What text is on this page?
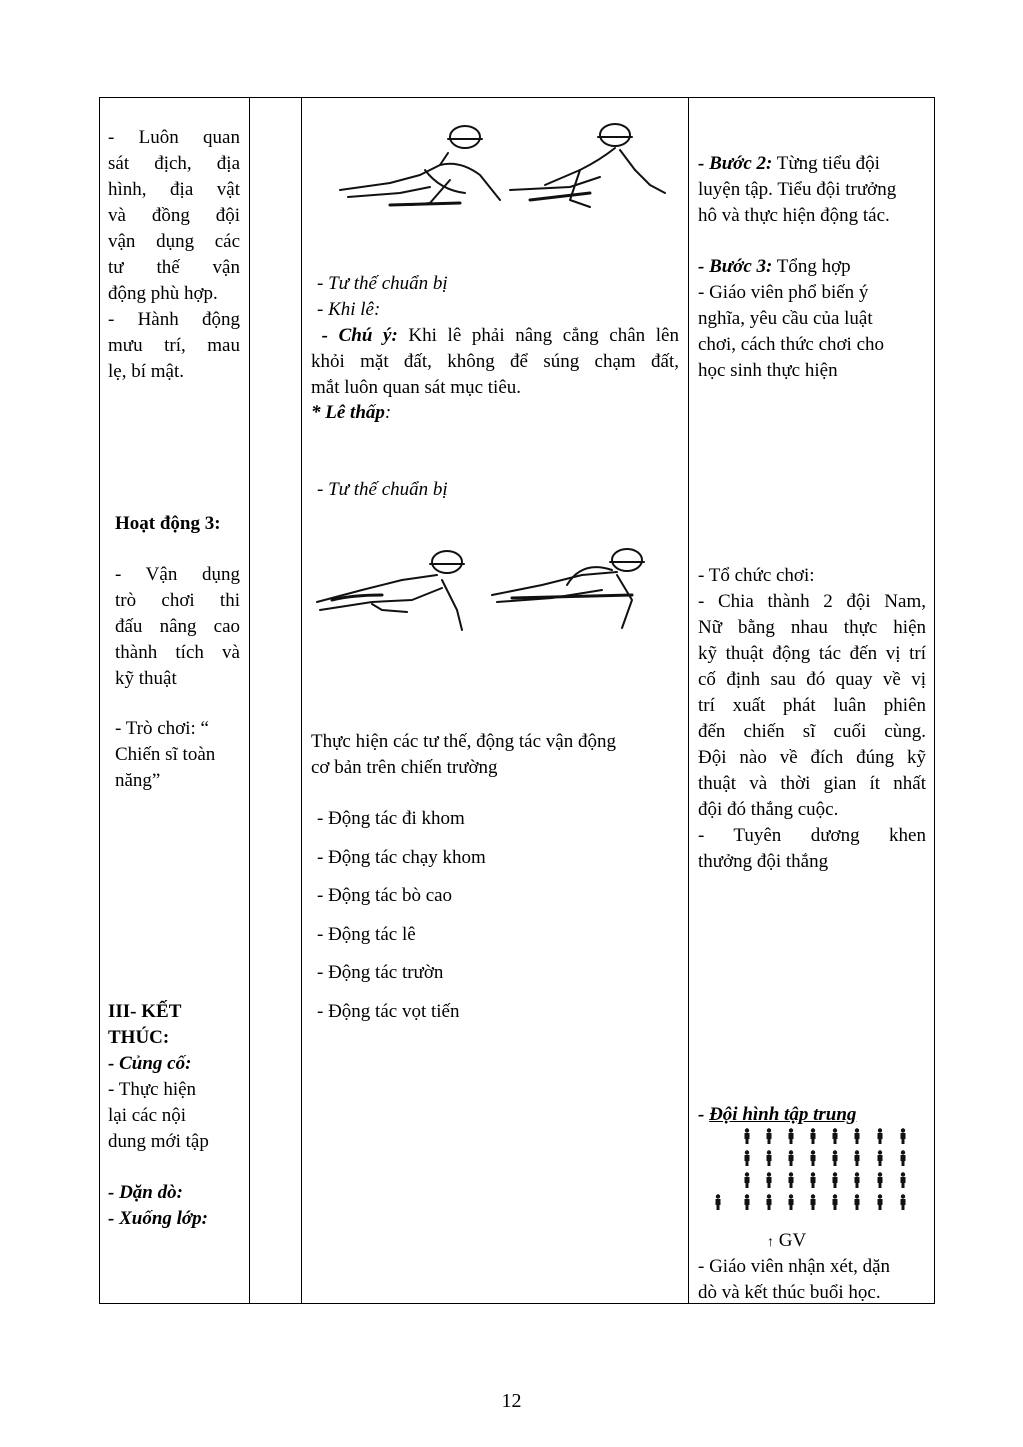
- Luôn quan
sát địch, địa
hình, địa vật
và đồng đội
vận dụng các
tư thế vận
động phù hợp.
- Hành động
mưu trí, mau
lẹ, bí mật.
Hoạt động 3:
- Vận dụng
trò chơi thi
đấu nâng cao
thành tích và
kỹ thuật
- Trò chơi: “
Chiến sĩ toàn
năng”
III- KẾT
THÚC:
- Củng cố:
- Thực hiện
lại các nội
dung mới tập
- Dặn dò:
- Xuống lớp:
- Tư thế chuẩn bị
- Khi lê:
- Chú ý: Khi lê phải nâng cẳng chân lên
khỏi mặt đất, không để súng chạm đất,
mắt luôn quan sát mục tiêu.
* Lê thấp:
- Tư thế chuẩn bị
Thực hiện các tư thế, động tác vận động
cơ bản trên chiến trường
- Động tác đi khom
- Động tác chạy khom
- Động tác bò cao
- Động tác lê
- Động tác trườn
- Động tác vọt tiến
- Bước 2: Từng tiểu đội
luyện tập. Tiểu đội trưởng
hô và thực hiện động tác.
- Bước 3: Tổng hợp
- Giáo viên phổ biến ý
nghĩa, yêu cầu của luật
chơi, cách thức chơi cho
học sinh thực hiện
- Tổ chức chơi:
- Chia thành 2 đội Nam,
Nữ bằng nhau thực hiện
kỹ thuật động tác đến vị trí
cố định sau đó quay về vị
trí xuất phát luân phiên
đến chiến sĩ cuối cùng.
Đội nào về đích đúng kỹ
thuật và thời gian ít nhất
đội đó thắng cuộc.
- Tuyên dương khen
thưởng đội thắng
- Đội hình tập trung
↑ GV
- Giáo viên nhận xét, dặn
dò và kết thúc buổi học.
12
